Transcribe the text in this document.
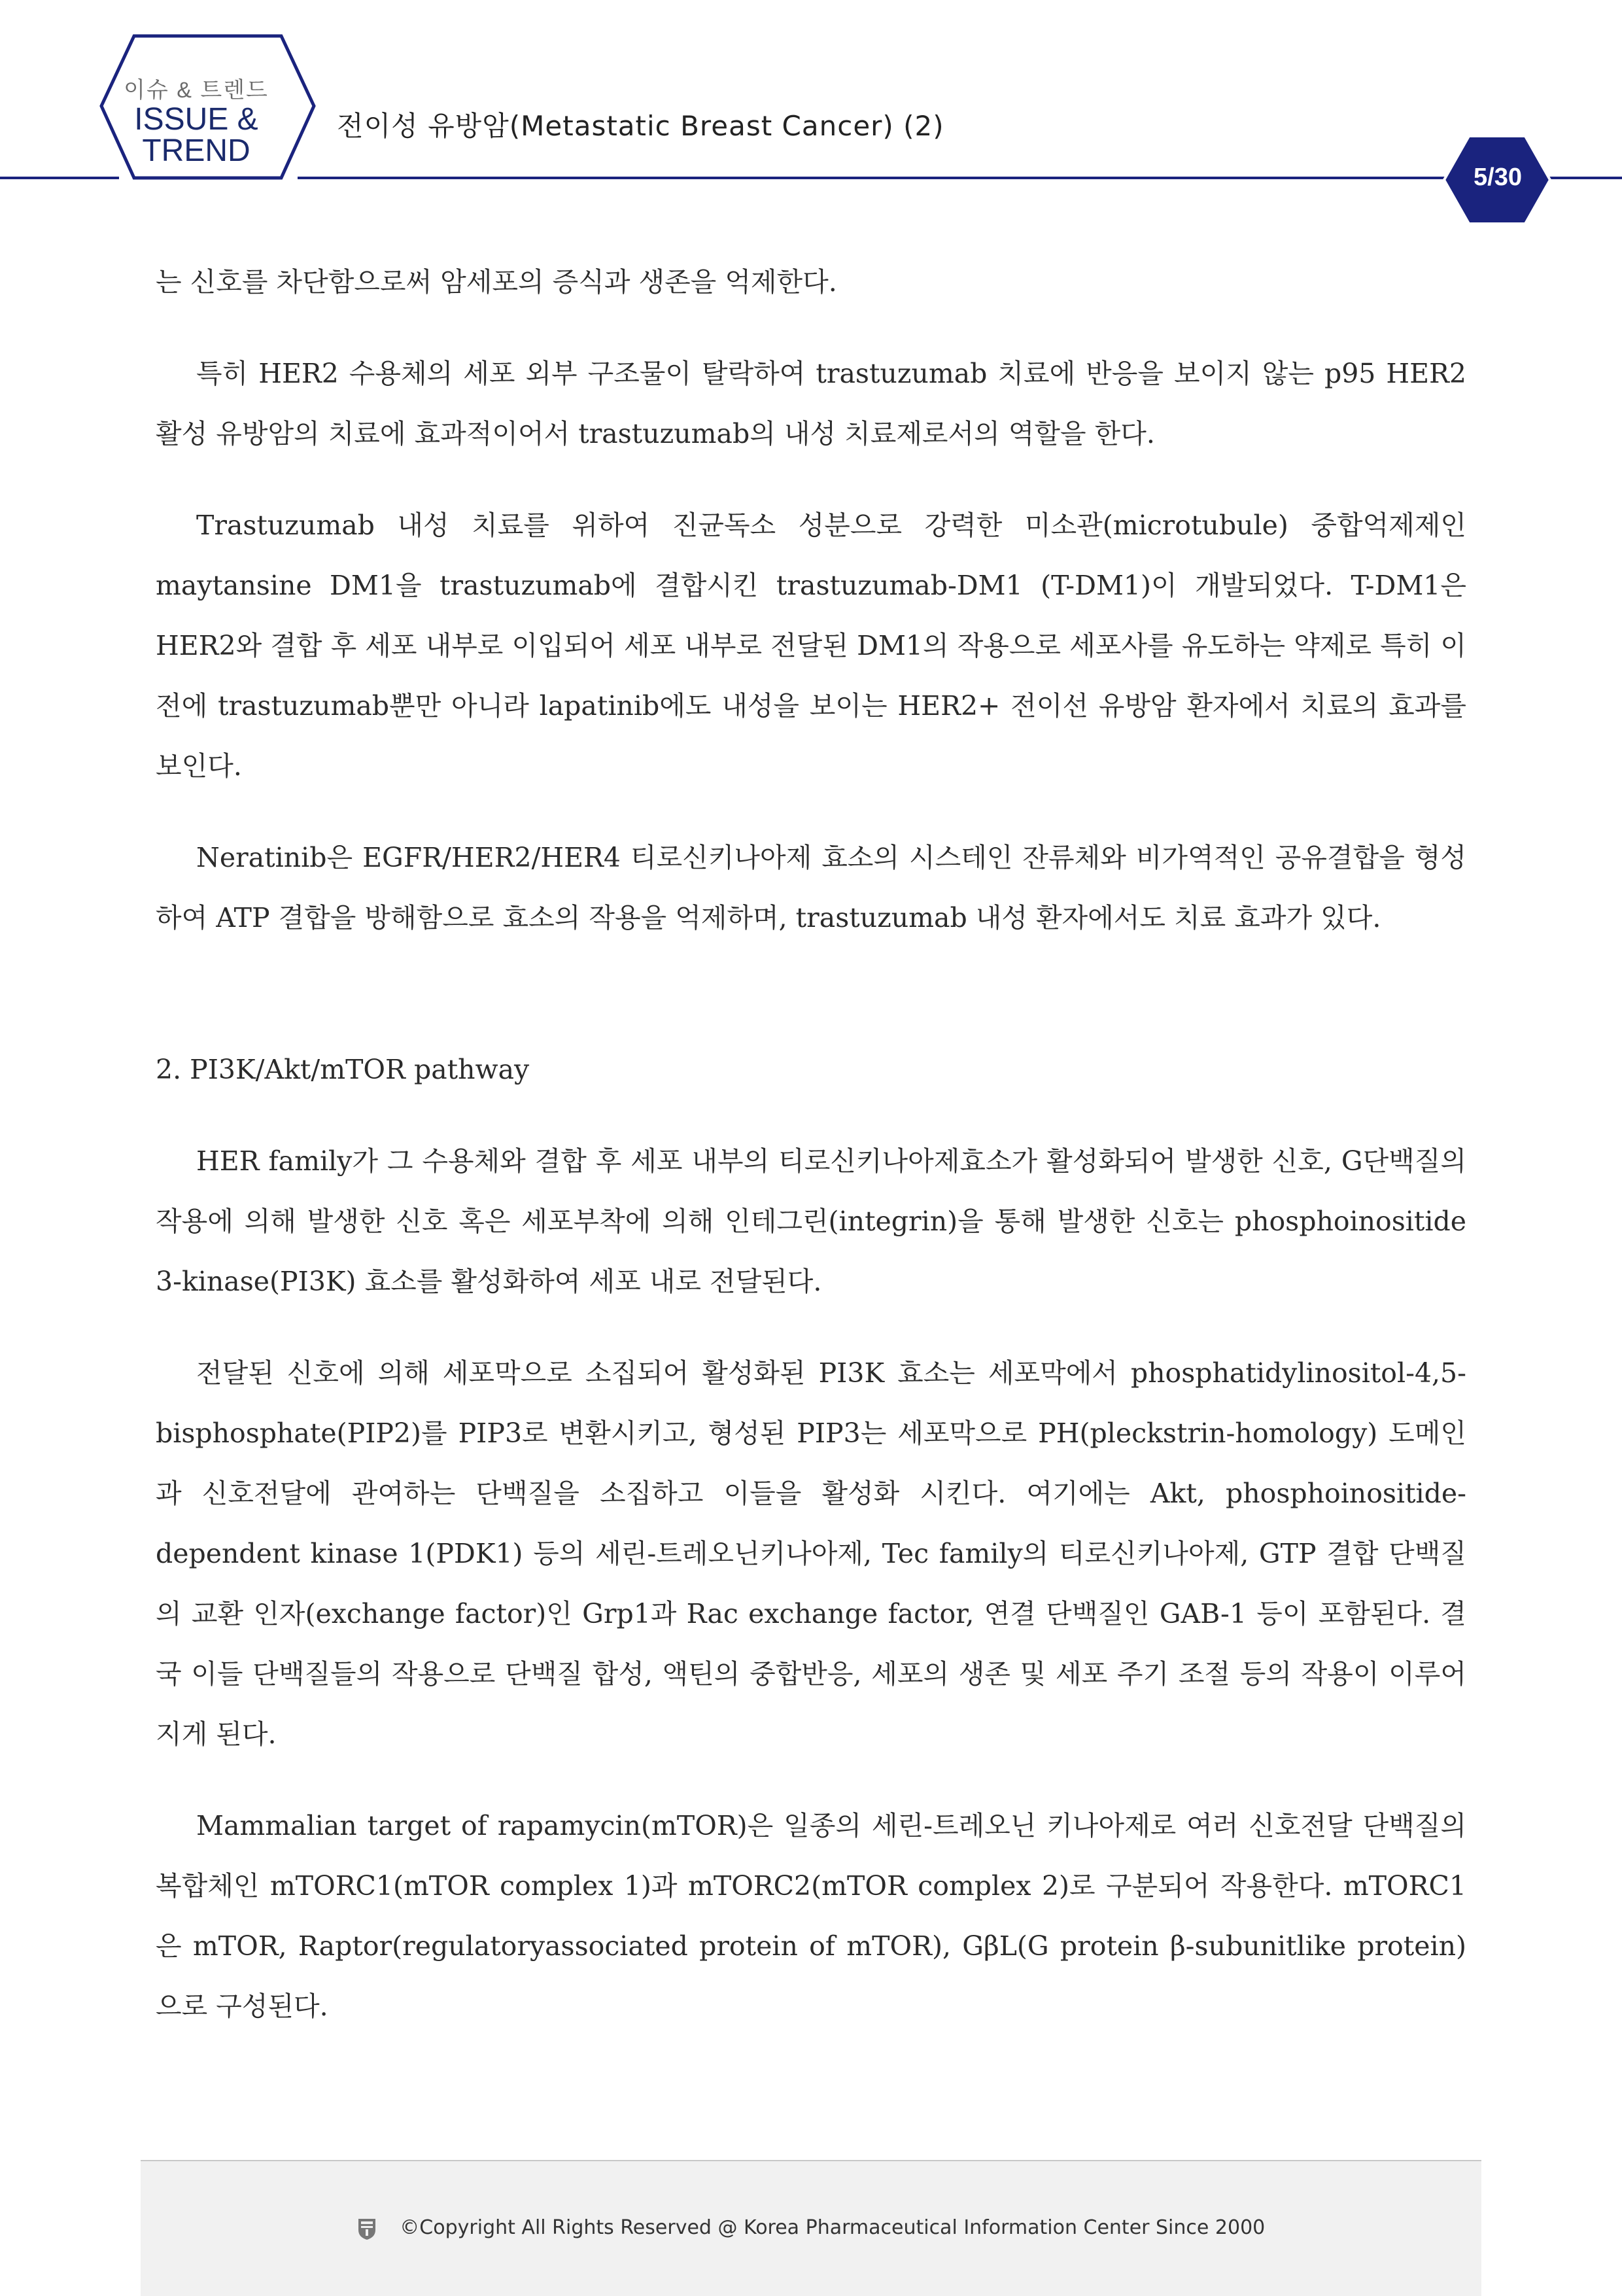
이슈 & 트렌드
ISSUE &
TREND
전이성 유방암(Metastatic Breast Cancer) (2)
5/30

는 신호를 차단함으로써 암세포의 증식과 생존을 억제한다.

특히 HER2 수용체의 세포 외부 구조물이 탈락하여 trastuzumab 치료에 반응을 보이지 않는 p95 HER2 활성 유방암의 치료에 효과적이어서 trastuzumab의 내성 치료제로서의 역할을 한다.

Trastuzumab 내성 치료를 위하여 진균독소 성분으로 강력한 미소관(microtubule) 중합억제제인 maytansine DM1을 trastuzumab에 결합시킨 trastuzumab-DM1 (T-DM1)이 개발되었다. T-DM1은 HER2와 결합 후 세포 내부로 이입되어 세포 내부로 전달된 DM1의 작용으로 세포사를 유도하는 약제로 특히 이전에 trastuzumab뿐만 아니라 lapatinib에도 내성을 보이는 HER2+ 전이선 유방암 환자에서 치료의 효과를 보인다.

Neratinib은 EGFR/HER2/HER4 티로신키나아제 효소의 시스테인 잔류체와 비가역적인 공유결합을 형성하여 ATP 결합을 방해함으로 효소의 작용을 억제하며, trastuzumab 내성 환자에서도 치료 효과가 있다.

2. PI3K/Akt/mTOR pathway

HER family가 그 수용체와 결합 후 세포 내부의 티로신키나아제효소가 활성화되어 발생한 신호, G단백질의 작용에 의해 발생한 신호 혹은 세포부착에 의해 인테그린(integrin)을 통해 발생한 신호는 phosphoinositide 3-kinase(PI3K) 효소를 활성화하여 세포 내로 전달된다.

전달된 신호에 의해 세포막으로 소집되어 활성화된 PI3K 효소는 세포막에서 phosphatidylinositol-4,5-bisphosphate(PIP2)를 PIP3로 변환시키고, 형성된 PIP3는 세포막으로 PH(pleckstrin-homology) 도메인과 신호전달에 관여하는 단백질을 소집하고 이들을 활성화 시킨다. 여기에는 Akt, phosphoinositide-dependent kinase 1(PDK1) 등의 세린-트레오닌키나아제, Tec family의 티로신키나아제, GTP 결합 단백질의 교환 인자(exchange factor)인 Grp1과 Rac exchange factor, 연결 단백질인 GAB-1 등이 포함된다. 결국 이들 단백질들의 작용으로 단백질 합성, 액틴의 중합반응, 세포의 생존 및 세포 주기 조절 등의 작용이 이루어지게 된다.

Mammalian target of rapamycin(mTOR)은 일종의 세린-트레오닌 키나아제로 여러 신호전달 단백질의 복합체인 mTORC1(mTOR complex 1)과 mTORC2(mTOR complex 2)로 구분되어 작용한다. mTORC1은 mTOR, Raptor(regulatoryassociated protein of mTOR), GβL(G protein β-subunitlike protein)으로 구성된다.

©Copyright All Rights Reserved @ Korea Pharmaceutical Information Center Since 2000
